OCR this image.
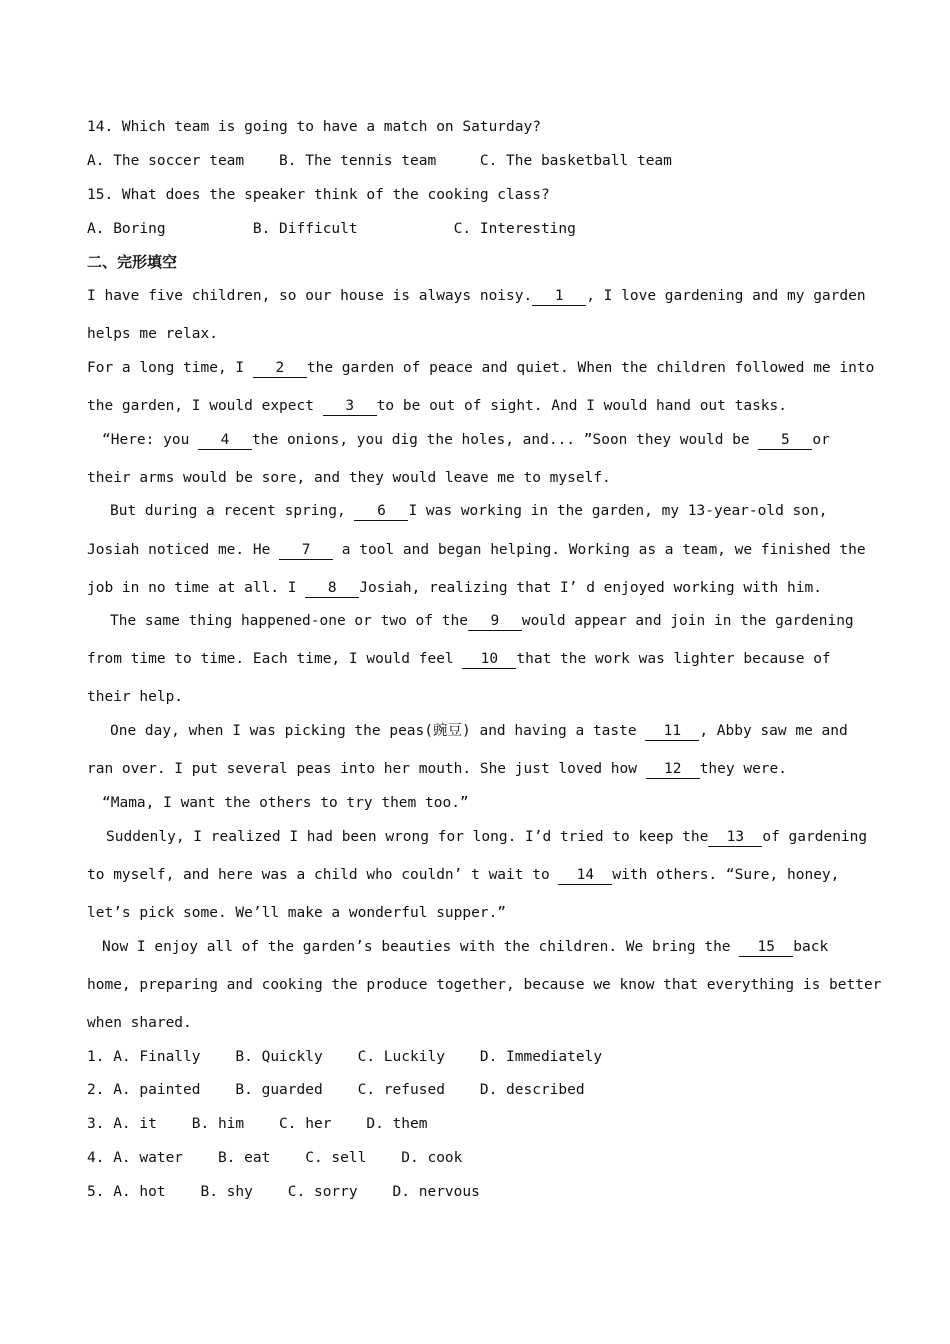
14. Which team is going to have a match on Saturday?
A. The soccer team    B. The tennis team     C. The basketball team
15. What does the speaker think of the cooking class?
A. Boring          B. Difficult           C. Interesting
二、完形填空
I have five children, so our house is always noisy. 1 , I love gardening and my garden
helps me relax.
For a long time, I 2 the garden of peace and quiet. When the children followed me into
the garden, I would expect 3 to be out of sight. And I would hand out tasks.
“Here: you 4 the onions, you dig the holes, and... ”Soon they would be 5 or
their arms would be sore, and they would leave me to myself.
But during a recent spring, 6 I was working in the garden, my 13-year-old son,
Josiah noticed me. He 7 a tool and began helping. Working as a team, we finished the
job in no time at all. I 8 Josiah, realizing that I’ d enjoyed working with him.
The same thing happened-one or two of the 9 would appear and join in the gardening
from time to time. Each time, I would feel 10 that the work was lighter because of
their help.
One day, when I was picking the peas(豌豆) and having a taste 11 , Abby saw me and
ran over. I put several peas into her mouth. She just loved how 12 they were.
“Mama, I want the others to try them too.”
Suddenly, I realized I had been wrong for long. I’d tried to keep the 13 of gardening
to myself, and here was a child who couldn’ t wait to 14 with others. “Sure, honey,
let’s pick some. We’ll make a wonderful supper.”
Now I enjoy all of the garden’s beauties with the children. We bring the 15 back
home, preparing and cooking the produce together, because we know that everything is better
when shared.
1. A. Finally    B. Quickly    C. Luckily    D. Immediately
2. A. painted    B. guarded    C. refused    D. described
3. A. it    B. him    C. her    D. them
4. A. water    B. eat    C. sell    D. cook
5. A. hot    B. shy    C. sorry    D. nervous
